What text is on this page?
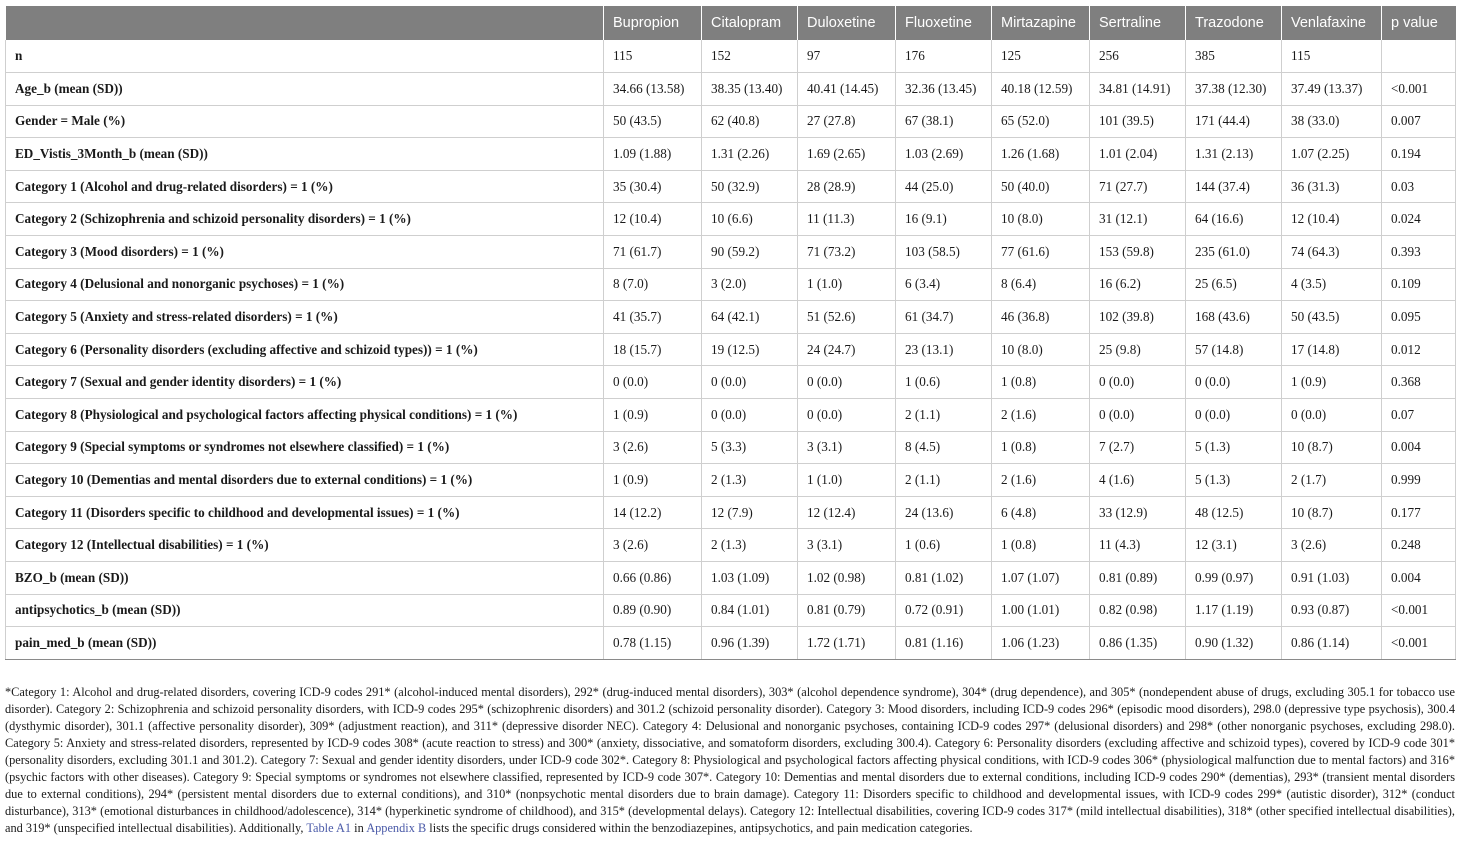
	Bupropion	Citalopram	Duloxetine	Fluoxetine	Mirtazapine	Sertraline	Trazodone	Venlafaxine	p value
n	115	152	97	176	125	256	385	115	
Age_b (mean (SD))	34.66 (13.58)	38.35 (13.40)	40.41 (14.45)	32.36 (13.45)	40.18 (12.59)	34.81 (14.91)	37.38 (12.30)	37.49 (13.37)	<0.001
Gender = Male (%)	50 (43.5)	62 (40.8)	27 (27.8)	67 (38.1)	65 (52.0)	101 (39.5)	171 (44.4)	38 (33.0)	0.007
ED_Vistis_3Month_b (mean (SD))	1.09 (1.88)	1.31 (2.26)	1.69 (2.65)	1.03 (2.69)	1.26 (1.68)	1.01 (2.04)	1.31 (2.13)	1.07 (2.25)	0.194
Category 1 (Alcohol and drug-related disorders) = 1 (%)	35 (30.4)	50 (32.9)	28 (28.9)	44 (25.0)	50 (40.0)	71 (27.7)	144 (37.4)	36 (31.3)	0.03
Category 2 (Schizophrenia and schizoid personality disorders) = 1 (%)	12 (10.4)	10 (6.6)	11 (11.3)	16 (9.1)	10 (8.0)	31 (12.1)	64 (16.6)	12 (10.4)	0.024
Category 3 (Mood disorders) = 1 (%)	71 (61.7)	90 (59.2)	71 (73.2)	103 (58.5)	77 (61.6)	153 (59.8)	235 (61.0)	74 (64.3)	0.393
Category 4 (Delusional and nonorganic psychoses) = 1 (%)	8 (7.0)	3 (2.0)	1 (1.0)	6 (3.4)	8 (6.4)	16 (6.2)	25 (6.5)	4 (3.5)	0.109
Category 5 (Anxiety and stress-related disorders) = 1 (%)	41 (35.7)	64 (42.1)	51 (52.6)	61 (34.7)	46 (36.8)	102 (39.8)	168 (43.6)	50 (43.5)	0.095
Category 6 (Personality disorders (excluding affective and schizoid types)) = 1 (%)	18 (15.7)	19 (12.5)	24 (24.7)	23 (13.1)	10 (8.0)	25 (9.8)	57 (14.8)	17 (14.8)	0.012
Category 7 (Sexual and gender identity disorders) = 1 (%)	0 (0.0)	0 (0.0)	0 (0.0)	1 (0.6)	1 (0.8)	0 (0.0)	0 (0.0)	1 (0.9)	0.368
Category 8 (Physiological and psychological factors affecting physical conditions) = 1 (%)	1 (0.9)	0 (0.0)	0 (0.0)	2 (1.1)	2 (1.6)	0 (0.0)	0 (0.0)	0 (0.0)	0.07
Category 9 (Special symptoms or syndromes not elsewhere classified) = 1 (%)	3 (2.6)	5 (3.3)	3 (3.1)	8 (4.5)	1 (0.8)	7 (2.7)	5 (1.3)	10 (8.7)	0.004
Category 10 (Dementias and mental disorders due to external conditions) = 1 (%)	1 (0.9)	2 (1.3)	1 (1.0)	2 (1.1)	2 (1.6)	4 (1.6)	5 (1.3)	2 (1.7)	0.999
Category 11 (Disorders specific to childhood and developmental issues) = 1 (%)	14 (12.2)	12 (7.9)	12 (12.4)	24 (13.6)	6 (4.8)	33 (12.9)	48 (12.5)	10 (8.7)	0.177
Category 12 (Intellectual disabilities) = 1 (%)	3 (2.6)	2 (1.3)	3 (3.1)	1 (0.6)	1 (0.8)	11 (4.3)	12 (3.1)	3 (2.6)	0.248
BZO_b (mean (SD))	0.66 (0.86)	1.03 (1.09)	1.02 (0.98)	0.81 (1.02)	1.07 (1.07)	0.81 (0.89)	0.99 (0.97)	0.91 (1.03)	0.004
antipsychotics_b (mean (SD))	0.89 (0.90)	0.84 (1.01)	0.81 (0.79)	0.72 (0.91)	1.00 (1.01)	0.82 (0.98)	1.17 (1.19)	0.93 (0.87)	<0.001
pain_med_b (mean (SD))	0.78 (1.15)	0.96 (1.39)	1.72 (1.71)	0.81 (1.16)	1.06 (1.23)	0.86 (1.35)	0.90 (1.32)	0.86 (1.14)	<0.001
*Category 1: Alcohol and drug-related disorders, covering ICD-9 codes 291* (alcohol-induced mental disorders), 292* (drug-induced mental disorders), 303* (alcohol dependence syndrome), 304* (drug dependence), and 305* (nondependent abuse of drugs, excluding 305.1 for tobacco use disorder). Category 2: Schizophrenia and schizoid personality disorders, with ICD-9 codes 295* (schizophrenic disorders) and 301.2 (schizoid personality disorder). Category 3: Mood disorders, including ICD-9 codes 296* (episodic mood disorders), 298.0 (depressive type psychosis), 300.4 (dysthymic disorder), 301.1 (affective personality disorder), 309* (adjustment reaction), and 311* (depressive disorder NEC). Category 4: Delusional and nonorganic psychoses, containing ICD-9 codes 297* (delusional disorders) and 298* (other nonorganic psychoses, excluding 298.0). Category 5: Anxiety and stress-related disorders, represented by ICD-9 codes 308* (acute reaction to stress) and 300* (anxiety, dissociative, and somatoform disorders, excluding 300.4). Category 6: Personality disorders (excluding affective and schizoid types), covered by ICD-9 code 301* (personality disorders, excluding 301.1 and 301.2). Category 7: Sexual and gender identity disorders, under ICD-9 code 302*. Category 8: Physiological and psychological factors affecting physical conditions, with ICD-9 codes 306* (physiological malfunction due to mental factors) and 316* (psychic factors with other diseases). Category 9: Special symptoms or syndromes not elsewhere classified, represented by ICD-9 code 307*. Category 10: Dementias and mental disorders due to external conditions, including ICD-9 codes 290* (dementias), 293* (transient mental disorders due to external conditions), 294* (persistent mental disorders due to external conditions), and 310* (nonpsychotic mental disorders due to brain damage). Category 11: Disorders specific to childhood and developmental issues, with ICD-9 codes 299* (autistic disorder), 312* (conduct disturbance), 313* (emotional disturbances in childhood/adolescence), 314* (hyperkinetic syndrome of childhood), and 315* (developmental delays). Category 12: Intellectual disabilities, covering ICD-9 codes 317* (mild intellectual disabilities), 318* (other specified intellectual disabilities), and 319* (unspecified intellectual disabilities). Additionally, Table A1 in Appendix B lists the specific drugs considered within the benzodiazepines, antipsychotics, and pain medication categories.
